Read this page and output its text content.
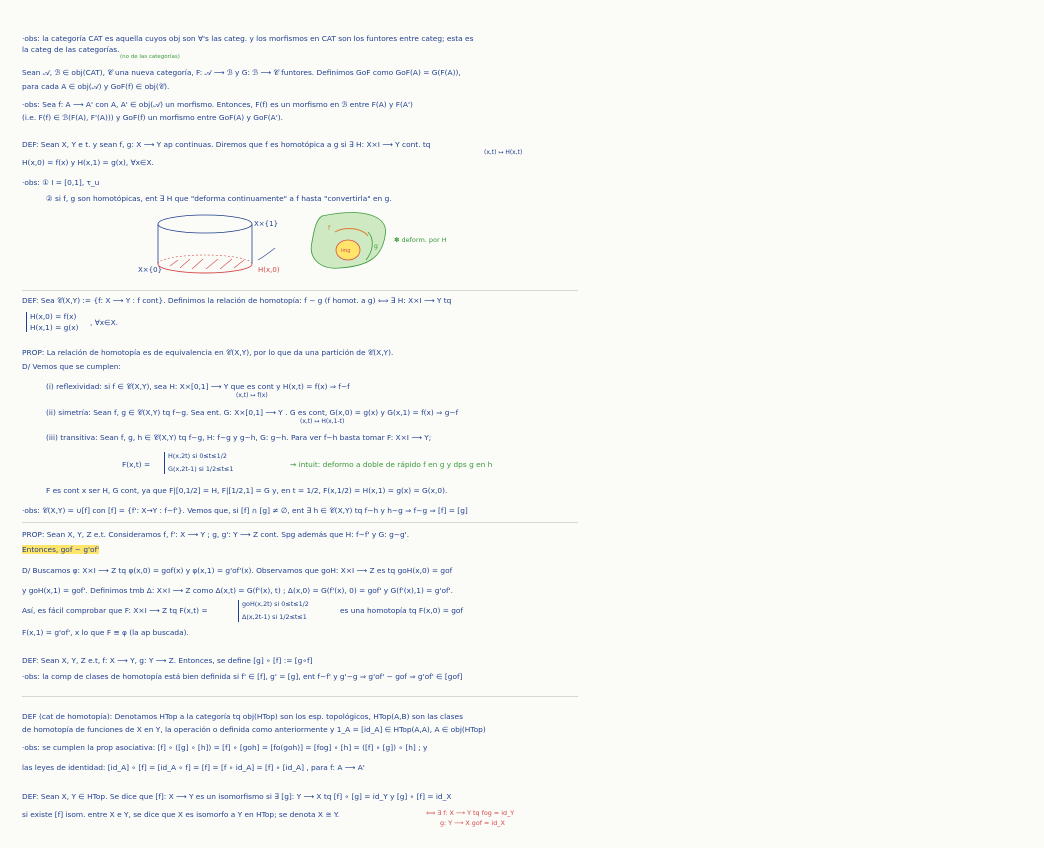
·obs: la categoría CAT es aquella cuyos obj son ∀'s las categ. y los morfismos en CAT son los funtores entre categ; esta es
la categ de las categorías.
(no de las categorías)
Sean 𝒜, ℬ ∈ obj(CAT), 𝒞 una nueva categoría, F: 𝒜 ⟶ ℬ y G: ℬ ⟶ 𝒞 funtores. Definimos GoF como GoF(A) = G(F(A)),
para cada A ∈ obj(𝒜) y GoF(f) ∈ obj(𝒞).
·obs: Sea f: A ⟶ A' con A, A' ∈ obj(𝒜) un morfismo. Entonces, F(f) es un morfismo en ℬ entre F(A) y F(A')
(i.e. F(f) ∈ ℬ(F(A), F'(A))) y GoF(f) un morfismo entre GoF(A) y GoF(A').
DEF: Sean X, Y e t. y sean f, g: X ⟶ Y ap continuas. Diremos que f es homotópica a g si ∃ H: X×I ⟶ Y cont. tq
(x,t) ↦ H(x,t)
H(x,0) = f(x) y H(x,1) = g(x), ∀x∈X.
·obs: ① I = [0,1], τ_u
② si f, g son homotópicas, ent ∃ H que "deforma continuamente" a f hasta "convertirla" en g.
X×{1}
X×{0}	H(x,0)
f
g
img
✽ deform. por H
DEF: Sea 𝒞(X,Y) := {f: X ⟶ Y : f cont}. Definimos la relación de homotopía: f ∼ g (f homot. a g) ⟺ ∃ H: X×I ⟶ Y tq
H(x,0) = f(x)
H(x,1) = g(x)
, ∀x∈X.
PROP: La relación de homotopía es de equivalencia en 𝒞(X,Y), por lo que da una partición de 𝒞(X,Y).
D/ Vemos que se cumplen:
(i) reflexividad: si f ∈ 𝒞(X,Y), sea H: X×[0,1] ⟶ Y que es cont y H(x,t) = f(x) ⇒ f∼f
(x,t) ↦ f(x)
(ii) simetría: Sean f, g ∈ 𝒞(X,Y) tq f∼g. Sea ent. G: X×[0,1] ⟶ Y . G es cont, G(x,0) = g(x) y G(x,1) = f(x) ⇒ g∼f
(x,t) ↦ H(x,1-t)
(iii) transitiva: Sean f, g, h ∈ 𝒞(X,Y) tq f∼g, H: f∼g y g∼h, G: g∼h. Para ver f∼h basta tomar F: X×I ⟶ Y;
F(x,t) =
H(x,2t) si 0≤t≤1/2
G(x,2t-1) si 1/2≤t≤1	⇝ intuit: deformo a doble de rápido f en g y dps g en h
F es cont x ser H, G cont, ya que F|[0,1/2] = H, F|[1/2,1] = G y, en t = 1/2, F(x,1/2) = H(x,1) = g(x) = G(x,0).
·obs: 𝒞(X,Y) = ∪[f] con [f] = {f': X→Y : f∼f'}. Vemos que, si [f] ∩ [g] ≠ ∅, ent ∃ h ∈ 𝒞(X,Y) tq f∼h y h∼g ⇒ f∼g ⇒ [f] = [g]
PROP: Sean X, Y, Z e.t. Consideramos f, f': X ⟶ Y ; g, g': Y ⟶ Z cont. Spg además que H: f∼f' y G: g∼g'.
Entonces, gof ∼ g'of'
D/ Buscamos φ: X×I ⟶ Z tq φ(x,0) = gof(x) y φ(x,1) = g'of'(x). Observamos que goH: X×I ⟶ Z es tq goH(x,0) = gof
y goH(x,1) = gof'. Definimos tmb Δ: X×I ⟶ Z como Δ(x,t) = G(f'(x), t) ; Δ(x,0) = G(f'(x), 0) = gof' y G(f'(x),1) = g'of'.
Así, es fácil comprobar que F: X×I ⟶ Z tq F(x,t) =
goH(x,2t) si 0≤t≤1/2
Δ(x,2t-1) si 1/2≤t≤1
es una homotopía tq F(x,0) = gof
F(x,1) = g'of', x lo que F ≡ φ (la ap buscada).
DEF: Sean X, Y, Z e.t, f: X ⟶ Y, g: Y ⟶ Z. Entonces, se define [g] ∘ [f] := [g∘f]
·obs: la comp de clases de homotopía está bien definida si f' ∈ [f], g' = [g], ent f∼f' y g'∼g ⇒ g'of' ∼ gof ⇒ g'of' ∈ [gof]
DEF (cat de homotopía): Denotamos HTop a la categoría tq obj(HTop) son los esp. topológicos, HTop(A,B) son las clases
de homotopía de funciones de X en Y, la operación o definida como anteriormente y 1_A = [id_A] ∈ HTop(A,A), A ∈ obj(HTop)
·obs: se cumplen la prop asociativa: [f] ∘ ([g] ∘ [h]) = [f] ∘ [goh] = [fo(goh)] = [fog] ∘ [h] = ([f] ∘ [g]) ∘ [h] ; y
las leyes de identidad: [id_A] ∘ [f] = [id_A ∘ f] = [f] = [f ∘ id_A] = [f] ∘ [id_A] , para f: A ⟶ A'
DEF: Sean X, Y ∈ HTop. Se dice que [f]: X ⟶ Y es un isomorfismo si ∃ [g]: Y ⟶ X tq [f] ∘ [g] = id_Y y [g] ∘ [f] = id_X
si existe [f] isom. entre X e Y, se dice que X es isomorfo a Y en HTop; se denota X ≅ Y.	⟺ ∃ f: X ⟶ Y tq fog ≃ id_Y
g: Y ⟶ X gof ≃ id_X
